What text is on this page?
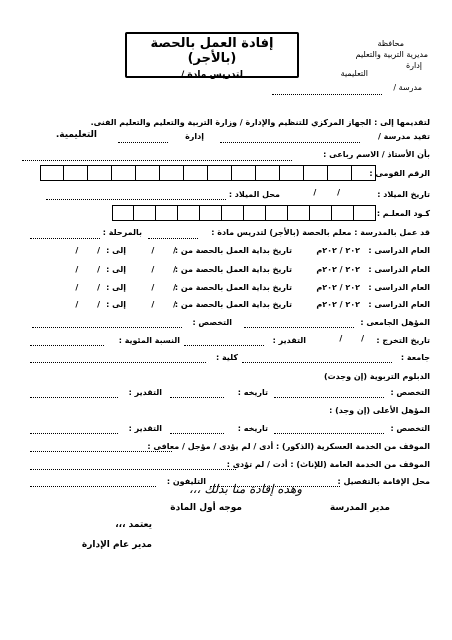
إفادة العمل بالحصة (بالأجر)
لتدريس مادة /
محافظة
مديرية التربية والتعليم
إدارة
التعليمية
مدرسة /
لتقديمها إلى : الجهاز المركزي للتنظيم والإدارة / وزارة التربية والتعليم والتعليم الفنى.
تفيد مدرسة /
إدارة
التعليمية.
بأن الأستاذ / الاسم رباعى :
الرقم القومى :
تاريخ الميلاد :
/ /
محل الميلاد :
كـود المعلـم :
قد عمل بالمدرسة : معلم بالحصة (بالأجر) لتدريس مادة :
بالمرحلة :
العام الدراسى :
٢٠٢ / ٢٠٢م
تاريخ بداية العمل بالحصة من :
/ /
إلى :
/ /
العام الدراسى :
٢٠٢ / ٢٠٢م
تاريخ بداية العمل بالحصة من :
/ /
إلى :
/ /
العام الدراسى :
٢٠٢ / ٢٠٢م
تاريخ بداية العمل بالحصة من :
/ /
إلى :
/ /
العام الدراسى :
٢٠٢ / ٢٠٢م
تاريخ بداية العمل بالحصة من :
/ /
إلى :
/ /
المؤهل الجامعى :
التخصص :
تاريخ التخرج :
/ /
التقدير :
النسبة المئوية :
جامعة :
كلية :
الدبلوم التربوية (إن وجدت)
التخصص :
تاريخه :
التقدير :
المؤهل الأعلى (إن وجد) :
التخصص :
تاريخه :
التقدير :
الموقف من الخدمة العسكرية (الذكور) : أدى / لم يؤدى / مؤجل / معافى :
الموقف من الخدمة العامة (للإناث) : أدت / لم تؤدى :
محل الإقامة بالتفصيل :
التليفون :
وهذه إفادة منا بذلك ،،،
مدير المدرسة
موجه أول المادة
يعتمد ،،،
مدير عام الإدارة
